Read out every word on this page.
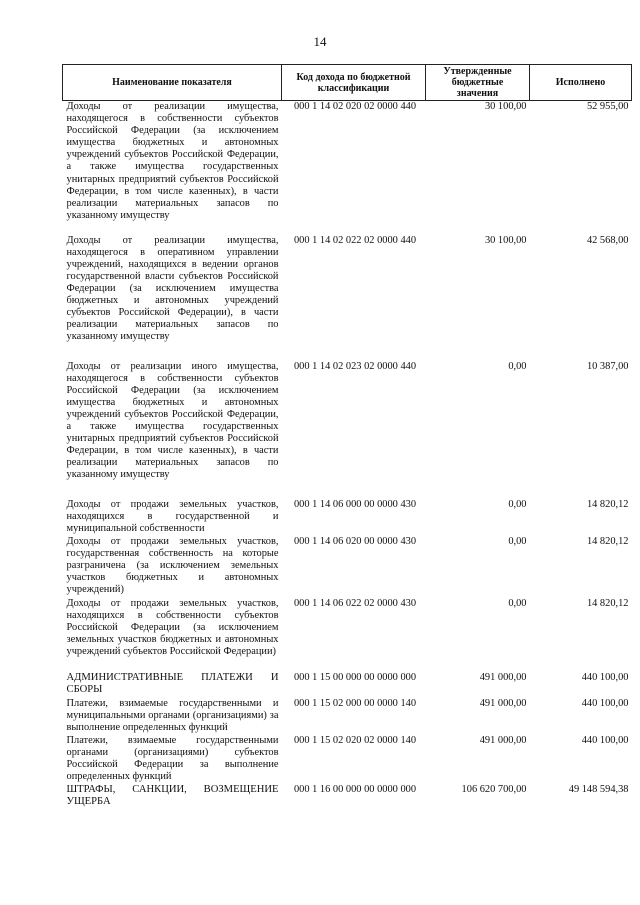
14
Наименование показателя	Код дохода по бюджетной классификации	Утвержденные бюджетные значения	Исполнено
Доходы от реализации имущества, находящегося в собственности субъектов Российской Федерации (за исключением имущества бюджетных и автономных учреждений субъектов Российской Федерации, а также имущества государственных унитарных предприятий субъектов Российской Федерации, в том числе казенных), в части реализации материальных запасов по указанному имуществу	000 1 14 02 020 02 0000 440	30 100,00	52 955,00
Доходы от реализации имущества, находящегося в оперативном управлении учреждений, находящихся в ведении органов государственной власти субъектов Российской Федерации (за исключением имущества бюджетных и автономных учреждений субъектов Российской Федерации), в части реализации материальных запасов по указанному имуществу	000 1 14 02 022 02 0000 440	30 100,00	42 568,00
Доходы от реализации иного имущества, находящегося в собственности субъектов Российской Федерации (за исключением имущества бюджетных и автономных учреждений субъектов Российской Федерации, а также имущества государственных унитарных предприятий субъектов Российской Федерации, в том числе казенных), в части реализации материальных запасов по указанному имуществу	000 1 14 02 023 02 0000 440	0,00	10 387,00
Доходы от продажи земельных участков, находящихся в государственной и муниципальной собственности	000 1 14 06 000 00 0000 430	0,00	14 820,12
Доходы от продажи земельных участков, государственная собственность на которые разграничена (за исключением земельных участков бюджетных и автономных учреждений)	000 1 14 06 020 00 0000 430	0,00	14 820,12
Доходы от продажи земельных участков, находящихся в собственности субъектов Российской Федерации (за исключением земельных участков бюджетных и автономных учреждений субъектов Российской Федерации)	000 1 14 06 022 02 0000 430	0,00	14 820,12
АДМИНИСТРАТИВНЫЕ ПЛАТЕЖИ И СБОРЫ	000 1 15 00 000 00 0000 000	491 000,00	440 100,00
Платежи, взимаемые государственными и муниципальными органами (организациями) за выполнение определенных функций	000 1 15 02 000 00 0000 140	491 000,00	440 100,00
Платежи, взимаемые государственными органами (организациями) субъектов Российской Федерации за выполнение определенных функций	000 1 15 02 020 02 0000 140	491 000,00	440 100,00
ШТРАФЫ, САНКЦИИ, ВОЗМЕЩЕНИЕ УЩЕРБА	000 1 16 00 000 00 0000 000	106 620 700,00	49 148 594,38
